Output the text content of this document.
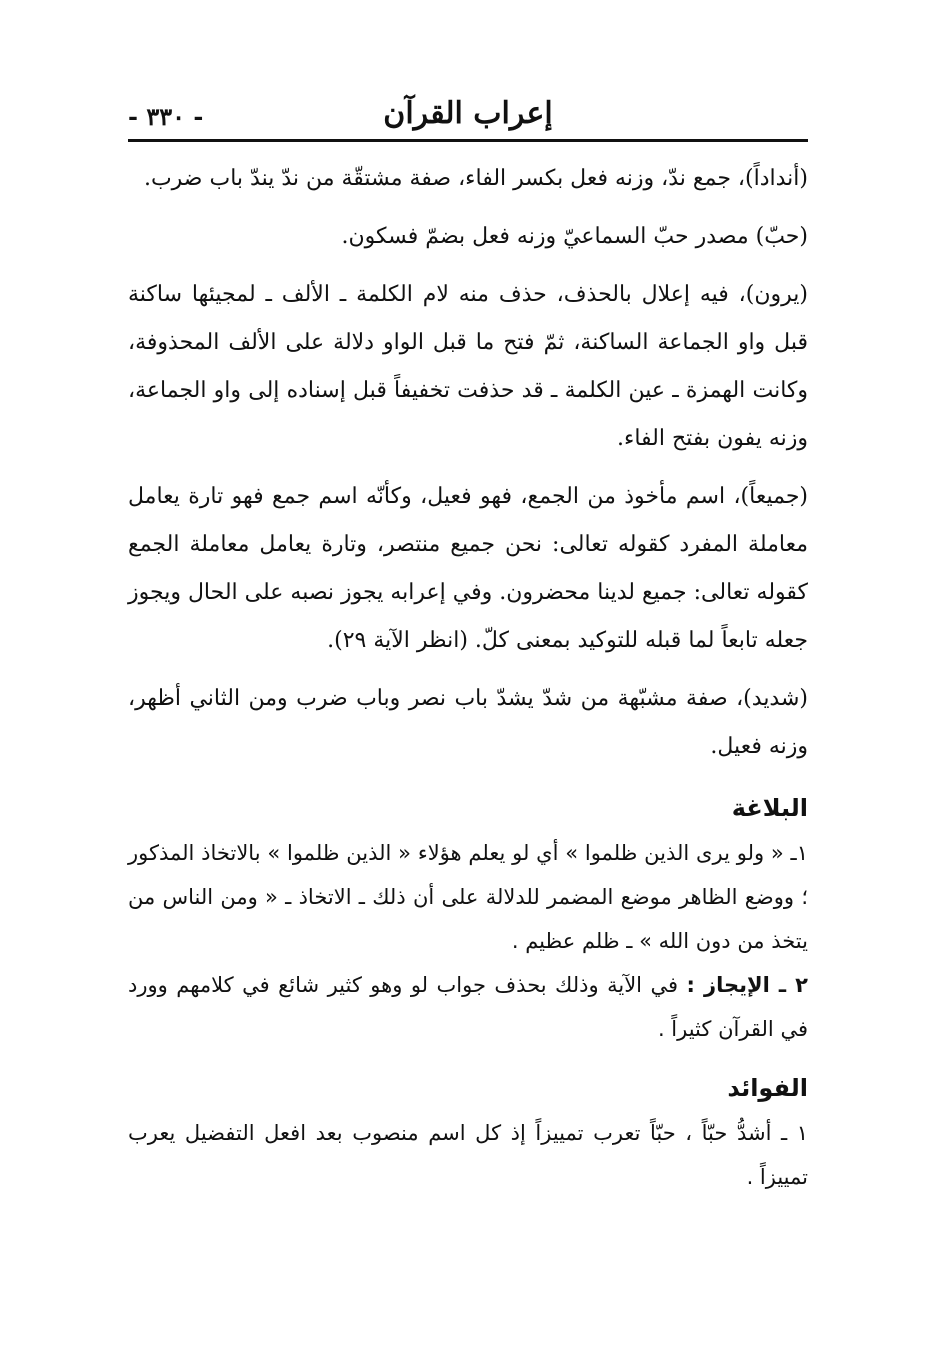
- ٣٣٠ -	إعراب القرآن

(أنداداً)، جمع ندّ، وزنه فعل بكسر الفاء، صفة مشتقّة من ندّ يندّ باب ضرب.

(حبّ) مصدر حبّ السماعيّ وزنه فعل بضمّ فسكون.

(يرون)، فيه إعلال بالحذف، حذف منه لام الكلمة ـ الألف ـ لمجيئها ساكنة قبل واو الجماعة الساكنة، ثمّ فتح ما قبل الواو دلالة على الألف المحذوفة، وكانت الهمزة ـ عين الكلمة ـ قد حذفت تخفيفاً قبل إسناده إلى واو الجماعة، وزنه يفون بفتح الفاء.

(جميعاً)، اسم مأخوذ من الجمع، فهو فعيل، وكأنّه اسم جمع فهو تارة يعامل معاملة المفرد كقوله تعالى: نحن جميع منتصر، وتارة يعامل معاملة الجمع كقوله تعالى: جميع لدينا محضرون. وفي إعرابه يجوز نصبه على الحال ويجوز جعله تابعاً لما قبله للتوكيد بمعنى كلّ. (انظر الآية ٢٩).

(شديد)، صفة مشبّهة من شدّ يشدّ باب نصر وباب ضرب ومن الثاني أظهر، وزنه فعيل.

البلاغة

١ـ « ولو يرى الذين ظلموا » أي لو يعلم هؤلاء « الذين ظلموا » بالاتخاذ المذكور ؛ ووضع الظاهر موضع المضمر للدلالة على أن ذلك ـ الاتخاذ ـ « ومن الناس من يتخذ من دون الله » ـ ظلم عظيم .

٢ ـ الإيجاز : في الآية وذلك بحذف جواب لو وهو كثير شائع في كلامهم وورد في القرآن كثيراً .

الفوائد

١ ـ أشدُّ حبّاً ، حبّاً تعرب تمييزاً إذ كل اسم منصوب بعد افعل التفضيل يعرب تمييزاً .
